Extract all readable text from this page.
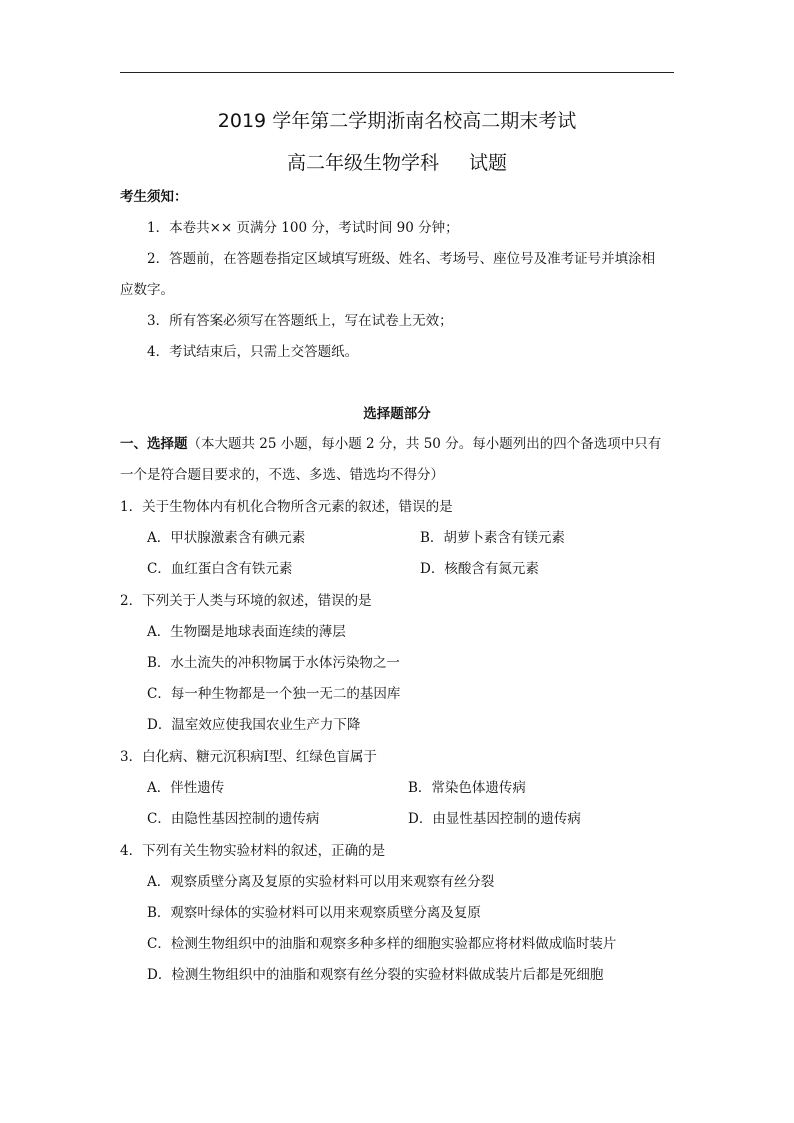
2019 学年第二学期浙南名校高二期末考试
高二年级生物学科 试题
考生须知：
1．本卷共×× 页满分 100 分，考试时间 90 分钟；
2．答题前，在答题卷指定区域填写班级、姓名、考场号、座位号及准考证号并填涂相
应数字。
3．所有答案必须写在答题纸上，写在试卷上无效；
4．考试结束后，只需上交答题纸。
选择题部分
一、选择题（本大题共 25 小题，每小题 2 分，共 50 分。每小题列出的四个备选项中只有
一个是符合题目要求的，不选、多选、错选均不得分）
1．关于生物体内有机化合物所含元素的叙述，错误的是
A．甲状腺激素含有碘元素	B．胡萝卜素含有镁元素
C．血红蛋白含有铁元素	D．核酸含有氮元素
2．下列关于人类与环境的叙述，错误的是
A．生物圈是地球表面连续的薄层
B．水土流失的冲积物属于水体污染物之一
C．每一种生物都是一个独一无二的基因库
D．温室效应使我国农业生产力下降
3．白化病、糖元沉积病Ⅰ型、红绿色盲属于
A．伴性遗传	B．常染色体遗传病
C．由隐性基因控制的遗传病	D．由显性基因控制的遗传病
4．下列有关生物实验材料的叙述，正确的是
A．观察质壁分离及复原的实验材料可以用来观察有丝分裂
B．观察叶绿体的实验材料可以用来观察质壁分离及复原
C．检测生物组织中的油脂和观察多种多样的细胞实验都应将材料做成临时装片
D．检测生物组织中的油脂和观察有丝分裂的实验材料做成装片后都是死细胞
